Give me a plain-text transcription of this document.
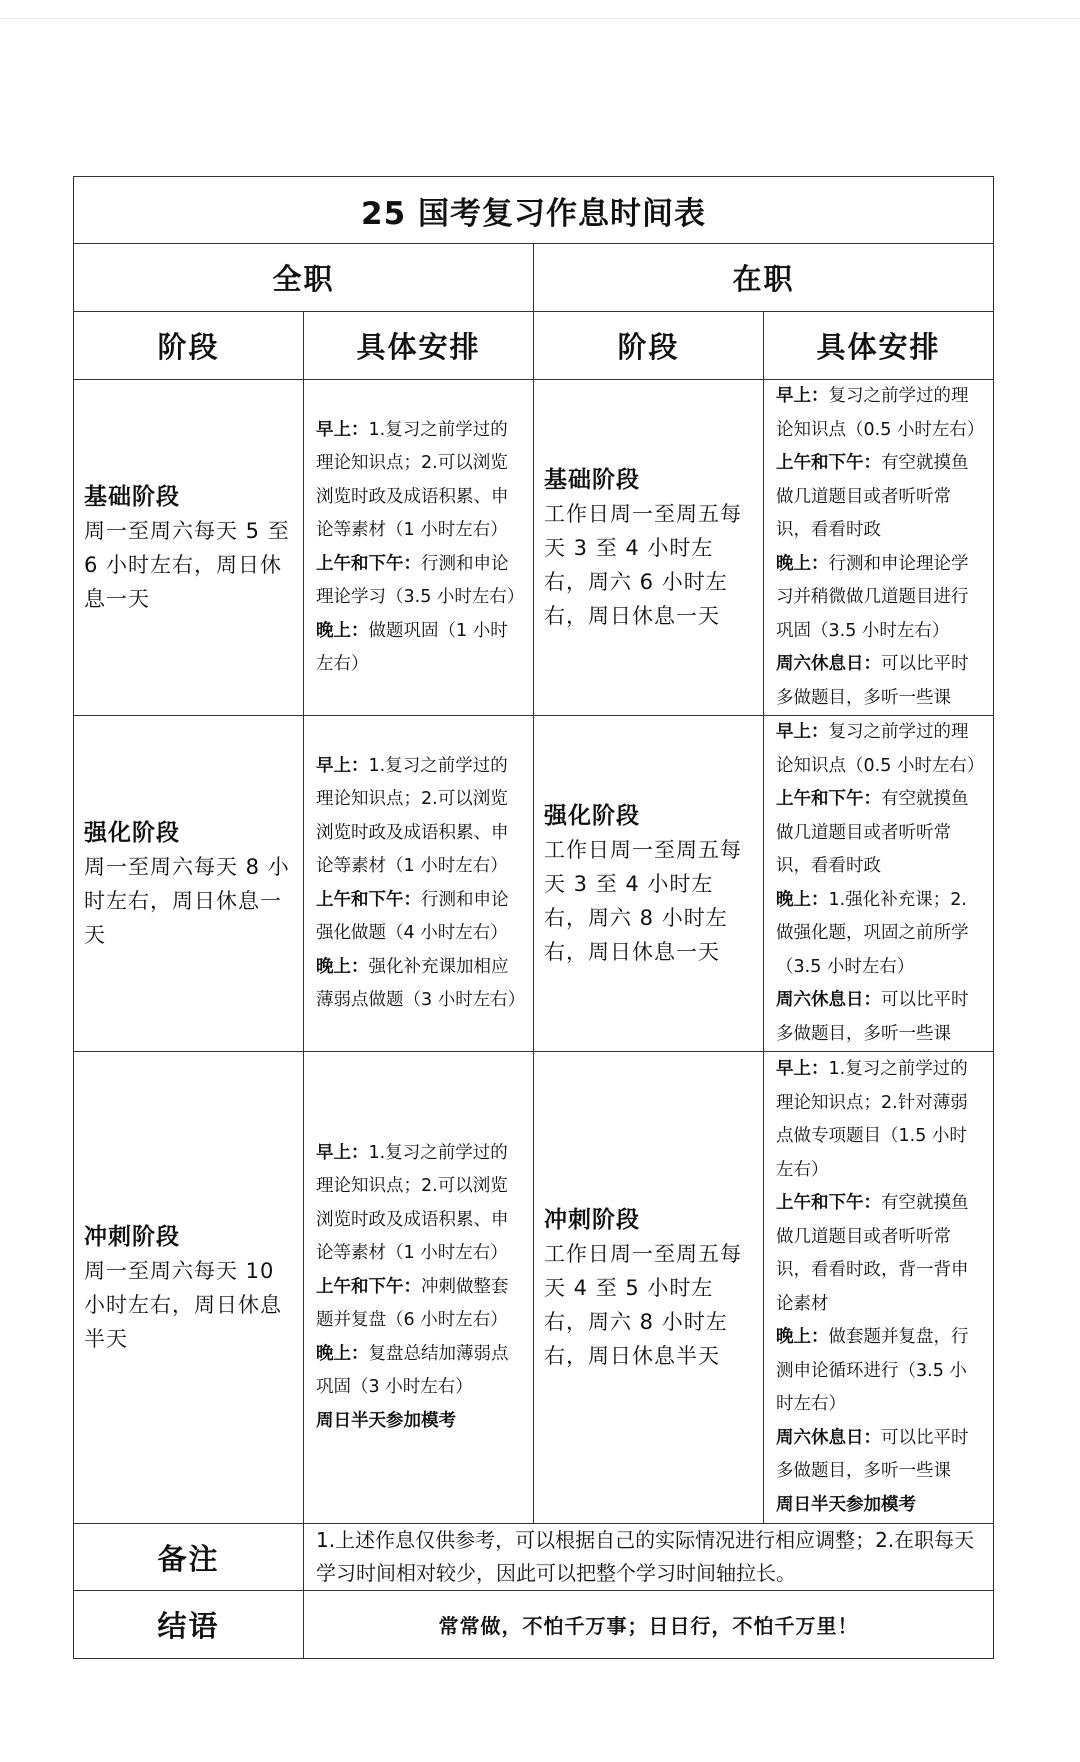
25 国考复习作息时间表			
全职		在职	
阶段	具体安排	阶段	具体安排

基础阶段
周一至周六每天 5 至 6 小时左右，周日休息一天	早上：1.复习之前学过的理论知识点；2.可以浏览浏览时政及成语积累、申论等素材（1 小时左右）
上午和下午：行测和申论理论学习（3.5 小时左右）
晚上：做题巩固（1 小时左右）	基础阶段
工作日周一至周五每天 3 至 4 小时左右，周六 6 小时左右，周日休息一天	早上：复习之前学过的理论知识点（0.5 小时左右）
上午和下午：有空就摸鱼做几道题目或者听听常识，看看时政
晚上：行测和申论理论学习并稍微做几道题目进行巩固（3.5 小时左右）
周六休息日：可以比平时多做题目，多听一些课

强化阶段
周一至周六每天 8 小时左右，周日休息一天	早上：1.复习之前学过的理论知识点；2.可以浏览浏览时政及成语积累、申论等素材（1 小时左右）
上午和下午：行测和申论强化做题（4 小时左右）
晚上：强化补充课加相应薄弱点做题（3 小时左右）	强化阶段
工作日周一至周五每天 3 至 4 小时左右，周六 8 小时左右，周日休息一天	早上：复习之前学过的理论知识点（0.5 小时左右）
上午和下午：有空就摸鱼做几道题目或者听听常识，看看时政
晚上：1.强化补充课；2.做强化题，巩固之前所学（3.5 小时左右）
周六休息日：可以比平时多做题目，多听一些课

冲刺阶段
周一至周六每天 10 小时左右，周日休息半天	早上：1.复习之前学过的理论知识点；2.可以浏览浏览时政及成语积累、申论等素材（1 小时左右）
上午和下午：冲刺做整套题并复盘（6 小时左右）
晚上：复盘总结加薄弱点巩固（3 小时左右）
周日半天参加模考	冲刺阶段
工作日周一至周五每天 4 至 5 小时左右，周六 8 小时左右，周日休息半天	早上：1.复习之前学过的理论知识点；2.针对薄弱点做专项题目（1.5 小时左右）
上午和下午：有空就摸鱼做几道题目或者听听常识，看看时政，背一背申论素材
晚上：做套题并复盘，行测申论循环进行（3.5 小时左右）
周六休息日：可以比平时多做题目，多听一些课
周日半天参加模考

备注	1.上述作息仅供参考，可以根据自己的实际情况进行相应调整；2.在职每天学习时间相对较少，因此可以把整个学习时间轴拉长。		
结语	常常做，不怕千万事；日日行，不怕千万里！		
